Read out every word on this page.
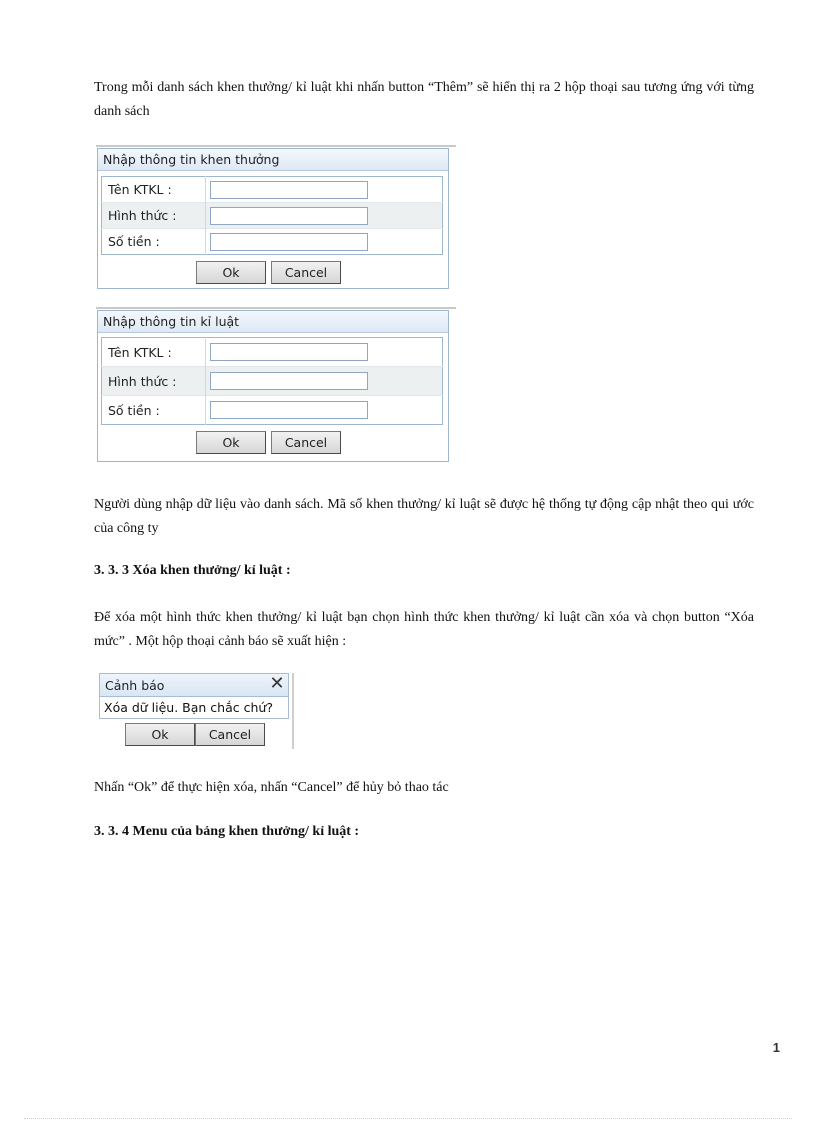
Trong mỗi danh sách khen thưởng/ kỉ luật khi nhấn button “Thêm” sẽ hiển thị ra 2 hộp thoại sau tương ứng với từng danh sách

Nhập thông tin khen thưởng
Tên KTKL :	

Hình thức :	

Số tiền :	
Ok	Cancel
Nhập thông tin kỉ luật
Tên KTKL :	

Hình thức :	

Số tiền :	
Ok	Cancel

Người dùng nhập dữ liệu vào danh sách. Mã số khen thưởng/ kỉ luật sẽ được hệ thống tự động cập nhật theo qui ước của công ty

3. 3. 3 Xóa khen thưởng/ kỉ luật :

Để xóa một hình thức khen thưởng/ kỉ luật bạn chọn hình thức khen thưởng/ kỉ luật cần xóa và chọn button “Xóa mức” . Một hộp thoại cảnh báo sẽ xuất hiện :

Cảnh báo	✕
Xóa dữ liệu. Bạn chắc chứ?
Ok	Cancel

Nhấn “Ok” để thực hiện xóa, nhấn “Cancel” để hủy bỏ thao tác

3. 3. 4 Menu của bảng khen thưởng/ kỉ luật :

1
